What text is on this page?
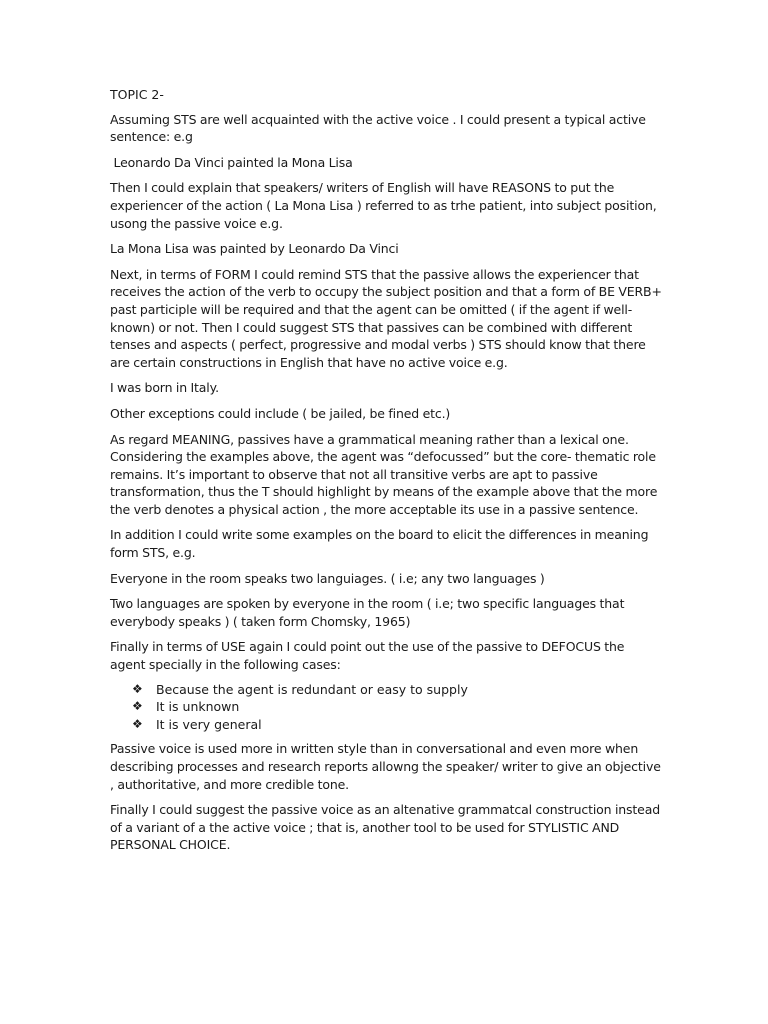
TOPIC 2-

Assuming STS are well acquainted with the active voice . I could present a typical active sentence: e.g

Leonardo Da Vinci painted la Mona Lisa

Then I could explain that speakers/ writers of English will have REASONS to put the experiencer of the action ( La Mona Lisa ) referred to as trhe patient, into subject position, usong the passive voice e.g.

La Mona Lisa was painted by Leonardo Da Vinci

Next, in terms of FORM I could remind STS that the passive allows the experiencer that receives the action of the verb to occupy the subject position and that a form of BE VERB+ past participle will be required and that the agent can be omitted ( if the agent if well-known) or not. Then I could suggest STS that passives can be combined with different tenses and aspects ( perfect, progressive and modal verbs ) STS should know that there are certain constructions in English that have no active voice e.g.

I was born in Italy.

Other exceptions could include ( be jailed, be fined etc.)

As regard MEANING, passives have a grammatical meaning rather than a lexical one. Considering the examples above, the agent was “defocussed” but the core- thematic role remains. It’s important to observe that not all transitive verbs are apt to passive transformation, thus the T should highlight by means of the example above that the more the verb denotes a physical action , the more acceptable its use in a passive sentence.

In addition I could write some examples on the board to elicit the differences in meaning form STS, e.g.

Everyone in the room speaks two languiages. ( i.e; any two languages )

Two languages are spoken by everyone in the room ( i.e; two specific languages that everybody speaks ) ( taken form Chomsky, 1965)

Finally in terms of USE again I could point out the use of the passive to DEFOCUS the agent specially in the following cases:

❖ Because the agent is redundant or easy to supply
❖ It is unknown
❖ It is very general

Passive voice is used more in written style than in conversational and even more when describing processes and research reports allowng the speaker/ writer to give an objective , authoritative, and more credible tone.

Finally I could suggest the passive voice as an altenative grammatcal construction instead of a variant of a the active voice ; that is, another tool to be used for STYLISTIC AND PERSONAL CHOICE.
